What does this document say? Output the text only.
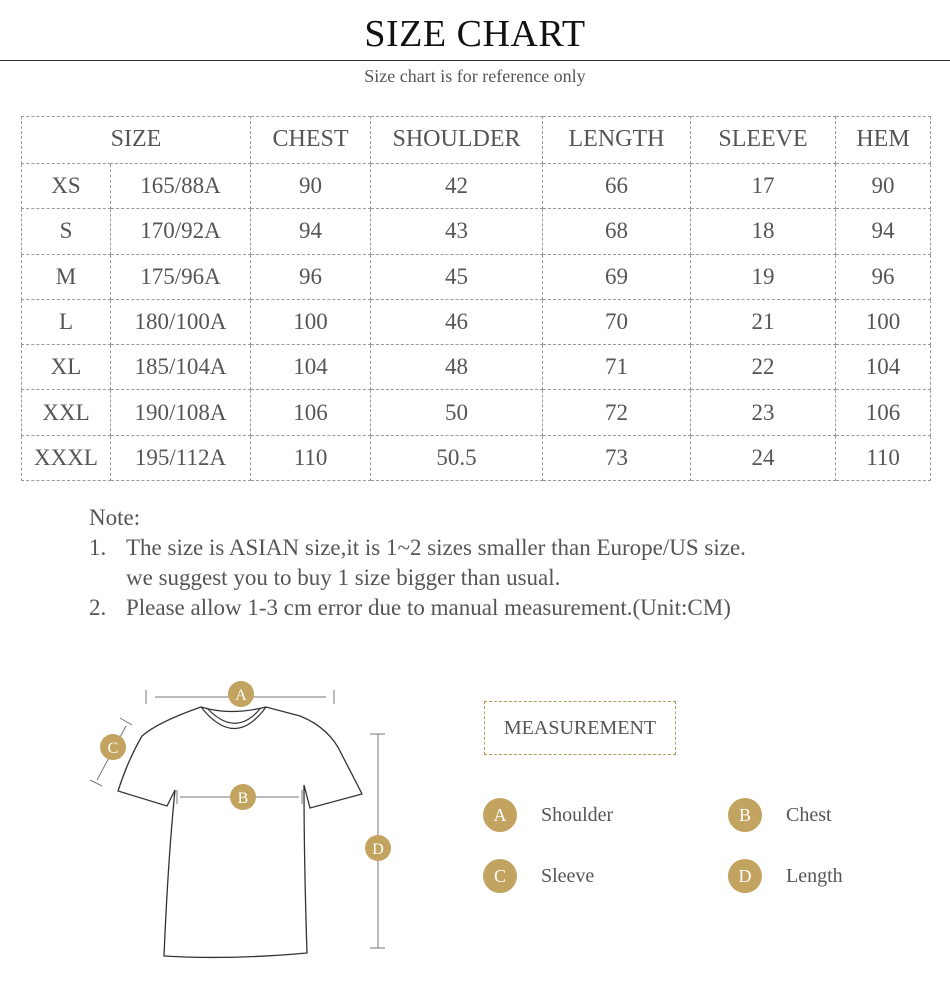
SIZE CHART
Size chart is for reference only
SIZE		CHEST	SHOULDER	LENGTH	SLEEVE	HEM
XS	165/88A	90	42	66	17	90
S	170/92A	94	43	68	18	94
M	175/96A	96	45	69	19	96
L	180/100A	100	46	70	21	100
XL	185/104A	104	48	71	22	104
XXL	190/108A	106	50	72	23	106
XXXL	195/112A	110	50.5	73	24	110
Note:
1. The size is ASIAN size,it is 1~2 sizes smaller than Europe/US size.
we suggest you to buy 1 size bigger than usual.
2. Please allow 1-3 cm error due to manual measurement.(Unit:CM)
A
C
B
D
MEASUREMENT
A	Shoulder	B	Chest
C	Sleeve	D	Length
